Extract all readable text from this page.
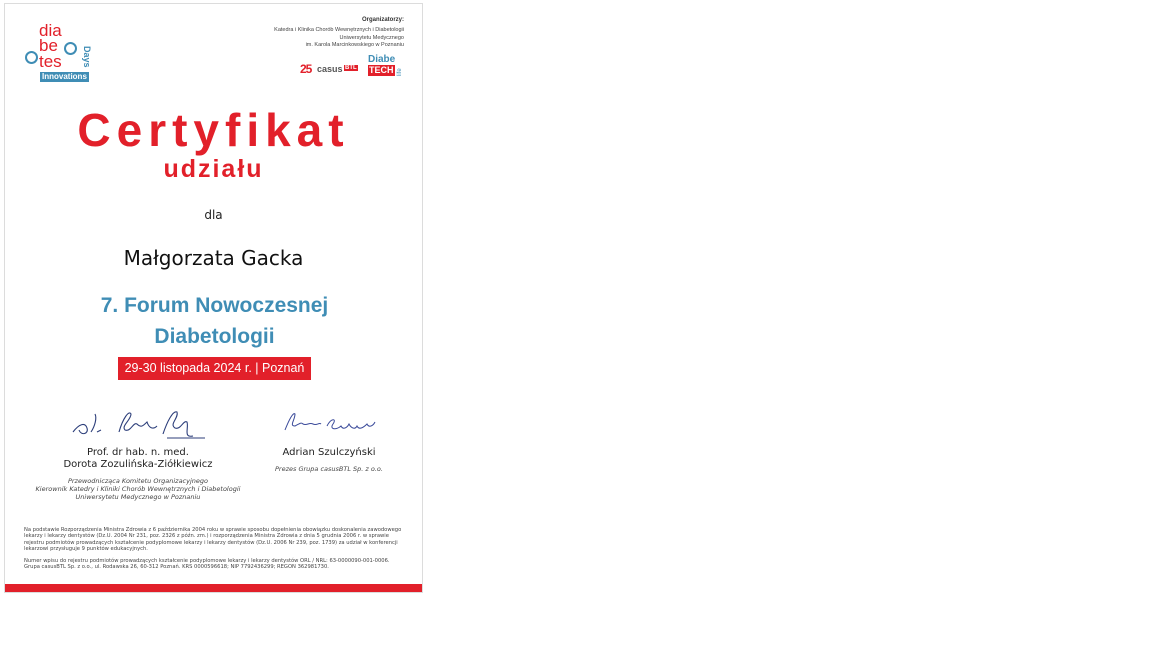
dia
be
tes Days
Innovations
Organizatorzy:
Katedra i Klinika Chorób Wewnętrznych i Diabetologii
Uniwersytetu Medycznego
im. Karola Marcinkowskiego w Poznaniu
25 casus BTL
Diabe
TECH life
Certyfikat
udziału
dla
Małgorzata Gacka
7. Forum Nowoczesnej
Diabetologii
29-30 listopada 2024 r. | Poznań
Prof. dr hab. n. med.
Dorota Zozulińska-Ziółkiewicz
Przewodnicząca Komitetu Organizacyjnego
Kierownik Katedry i Kliniki Chorób Wewnętrznych i Diabetologii
Uniwersytetu Medycznego w Poznaniu
Adrian Szulczyński
Prezes Grupa casusBTL Sp. z o.o.

Na podstawie Rozporządzenia Ministra Zdrowia z 6 października 2004 roku w sprawie sposobu dopełnienia obowiązku doskonalenia zawodowego lekarzy i lekarzy dentystów (Dz.U. 2004 Nr 231, poz. 2326 z późn. zm.) i rozporządzenia Ministra Zdrowia z dnia 5 grudnia 2006 r. w sprawie rejestru podmiotów prowadzących kształcenie podyplomowe lekarzy i lekarzy dentystów (Dz.U. 2006 Nr 239, poz. 1739) za udział w konferencji lekarzowi przysługuje 9 punktów edukacyjnych.

Numer wpisu do rejestru podmiotów prowadzących kształcenie podyplomowe lekarzy i lekarzy dentystów ORL / NRL: 63-0000090-001-0006. Grupa casusBTL Sp. z o.o., ul. Rodawska 26, 60-312 Poznań. KRS 0000596618; NIP 7792436299; REGON 362981730.
